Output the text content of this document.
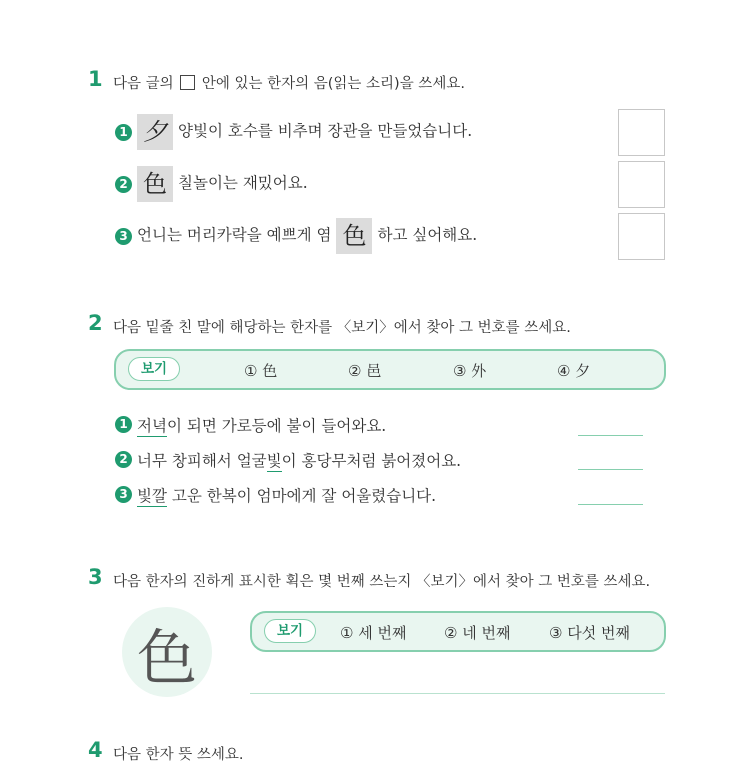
1 다음 글의 안에 있는 한자의 음(읽는 소리)을 쓰세요.
1 夕 양빛이 호수를 비추며 장관을 만들었습니다.
2 色 칠놀이는 재밌어요.
3 언니는 머리카락을 예쁘게 염 色 하고 싶어해요.
2 다음 밑줄 친 말에 해당하는 한자를 〈보기〉에서 찾아 그 번호를 쓰세요.
보기	① 色	② 邑	③ 外	④ 夕
1 저녁이 되면 가로등에 불이 들어와요.
2 너무 창피해서 얼굴빛이 홍당무처럼 붉어졌어요.
3 빛깔 고운 한복이 엄마에게 잘 어울렸습니다.
3 다음 한자의 진하게 표시한 획은 몇 번째 쓰는지 〈보기〉에서 찾아 그 번호를 쓰세요.
色	보기	① 세 번째	② 네 번째	③ 다섯 번째
4 다음 한자 뜻 쓰세요.
